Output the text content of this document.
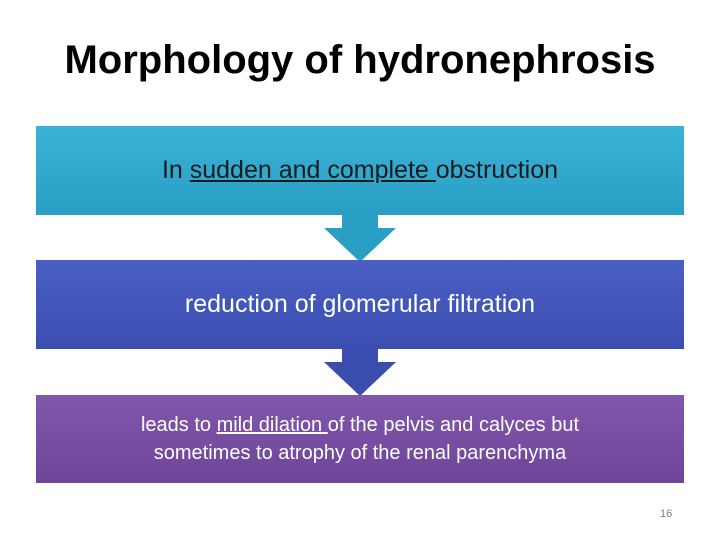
Morphology of hydronephrosis
In sudden and complete obstruction
reduction of glomerular filtration
leads to mild dilation of the pelvis and calyces but
sometimes to atrophy of the renal parenchyma
16
